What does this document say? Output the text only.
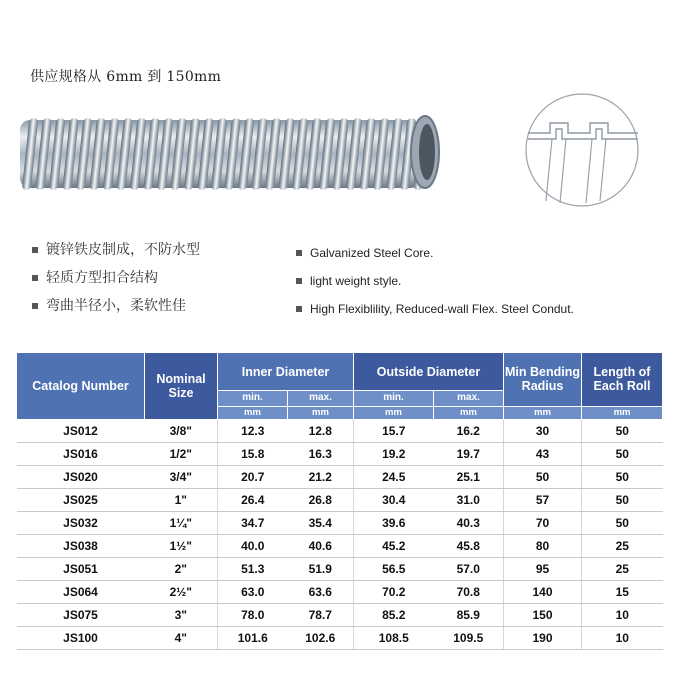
供应规格从 6mm 到 150mm
镀锌铁皮制成，不防水型
轻质方型扣合结构
弯曲半径小，柔软性佳
Galvanized Steel Core.
light weight style.
High Flexiblility, Reduced-wall Flex. Steel Condut.
Catalog Number	Nominal Size	Inner Diameter		Outside Diameter		Min Bending Radius	Length of Each Roll
		min.	max.	min.	max.		
		mm	mm	mm	mm	mm	mm
JS012	3/8"	12.3	12.8	15.7	16.2	30	50
JS016	1/2"	15.8	16.3	19.2	19.7	43	50
JS020	3/4"	20.7	21.2	24.5	25.1	50	50
JS025	1"	26.4	26.8	30.4	31.0	57	50
JS032	1¼"	34.7	35.4	39.6	40.3	70	50
JS038	1½"	40.0	40.6	45.2	45.8	80	25
JS051	2"	51.3	51.9	56.5	57.0	95	25
JS064	2½"	63.0	63.6	70.2	70.8	140	15
JS075	3"	78.0	78.7	85.2	85.9	150	10
JS100	4"	101.6	102.6	108.5	109.5	190	10
